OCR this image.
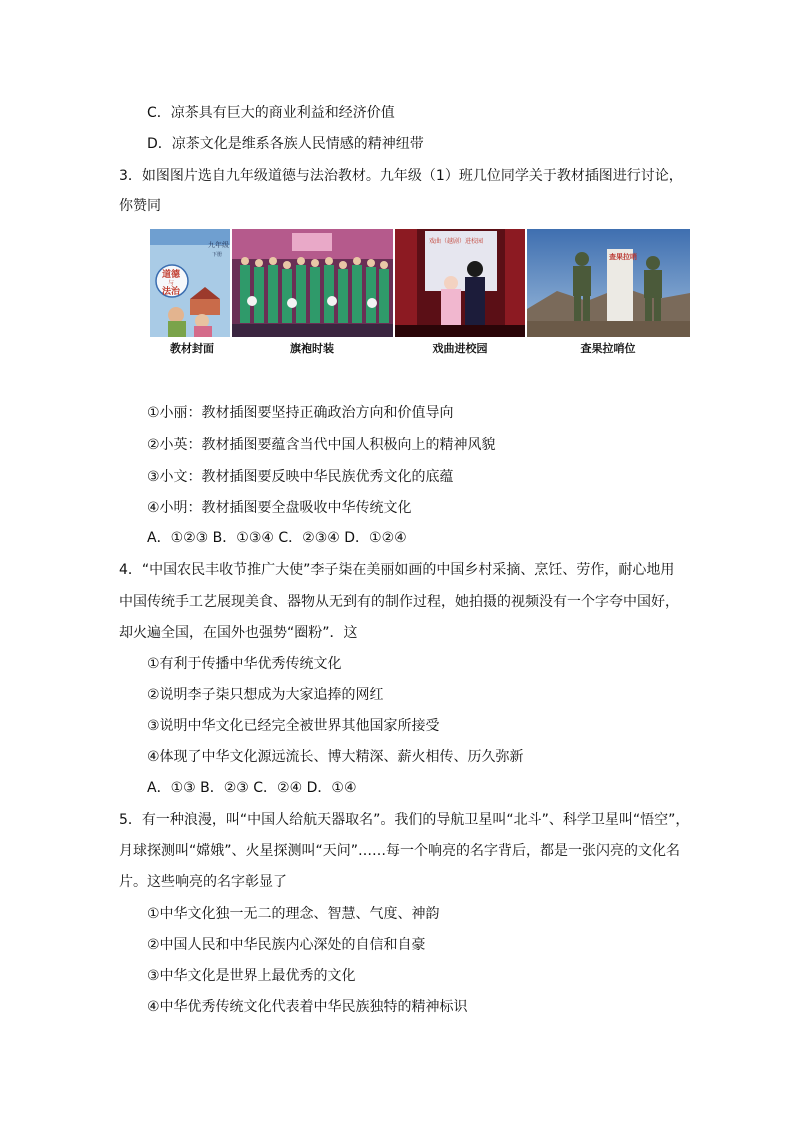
C．凉茶具有巨大的商业利益和经济价值
D．凉茶文化是维系各族人民情感的精神纽带
3．如图图片选自九年级道德与法治教材。九年级（1）班几位同学关于教材插图进行讨论，
你赞同
九年级
下册
道德
与
法治
戏曲（越剧）进校园
查果拉哨
教材封面	旗袍时装	戏曲进校园	查果拉哨位
①小丽：教材插图要坚持正确政治方向和价值导向
②小英：教材插图要蕴含当代中国人积极向上的精神风貌
③小文：教材插图要反映中华民族优秀文化的底蕴
④小明：教材插图要全盘吸收中华传统文化
A．①②③ B．①③④ C．②③④ D．①②④
4．“中国农民丰收节推广大使”李子柒在美丽如画的中国乡村采摘、烹饪、劳作，耐心地用
中国传统手工艺展现美食、器物从无到有的制作过程，她拍摄的视频没有一个字夸中国好，
却火遍全国，在国外也强势“圈粉”．这
①有利于传播中华优秀传统文化
②说明李子柒只想成为大家追捧的网红
③说明中华文化已经完全被世界其他国家所接受
④体现了中华文化源远流长、博大精深、薪火相传、历久弥新
A．①③ B．②③ C．②④ D．①④
5．有一种浪漫，叫“中国人给航天器取名”。我们的导航卫星叫“北斗”、科学卫星叫“悟空”，
月球探测叫“嫦娥”、火星探测叫“天问”……每一个响亮的名字背后，都是一张闪亮的文化名
片。这些响亮的名字彰显了
①中华文化独一无二的理念、智慧、气度、神韵
②中国人民和中华民族内心深处的自信和自豪
③中华文化是世界上最优秀的文化
④中华优秀传统文化代表着中华民族独特的精神标识
